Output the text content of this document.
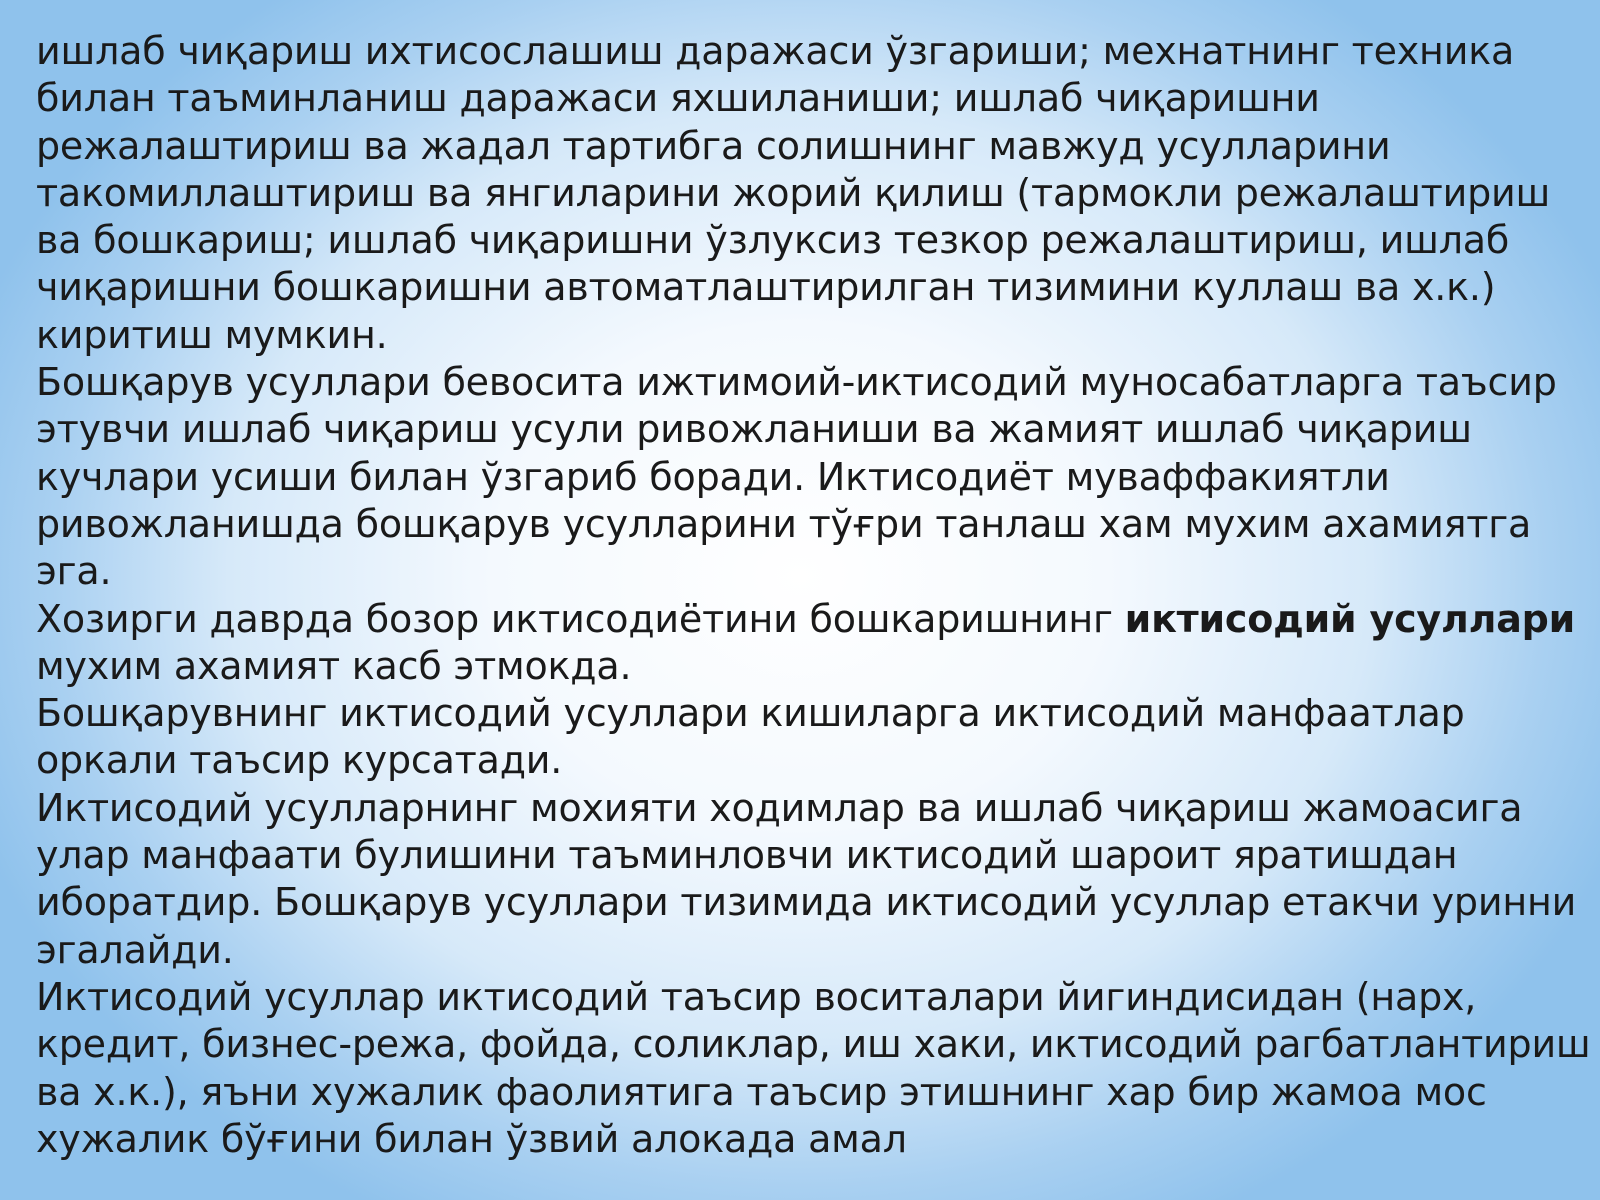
ишлаб чиқариш ихтисослашиш даражаси ўзгариши; мехнатнинг техника
билан таъминланиш даражаси яхшиланиши; ишлаб чиқаришни
режалаштириш ва жадал тартибга солишнинг мавжуд усулларини
такомиллаштириш ва янгиларини жорий қилиш (тармокли режалаштириш
ва бошкариш; ишлаб чиқаришни ўзлуксиз тезкор режалаштириш, ишлаб
чиқаришни бошкаришни автоматлаштирилган тизимини куллаш ва х.к.)
киритиш мумкин.
Бошқарув усуллари бевосита ижтимоий-иктисодий муносабатларга таъсир
этувчи ишлаб чиқариш усули ривожланиши ва жамият ишлаб чиқариш
кучлари усиши билан ўзгариб боради. Иктисодиёт муваффакиятли
ривожланишда бошқарув усулларини тўғри танлаш хам мухим ахамиятга
эга.
Хозирги даврда бозор иктисодиётини бошкаришнинг иктисодий усуллари
мухим ахамият касб этмокда.
Бошқарувнинг иктисодий усуллари кишиларга иктисодий манфаатлар
оркали таъсир курсатади.
Иктисодий усулларнинг мохияти ходимлар ва ишлаб чиқариш жамоасига
улар манфаати булишини таъминловчи иктисодий шароит яратишдан
иборатдир. Бошқарув усуллари тизимида иктисодий усуллар етакчи уринни
эгалайди.
Иктисодий усуллар иктисодий таъсир воситалари йигиндисидан (нарх,
кредит, бизнес-режа, фойда, соликлар, иш хаки, иктисодий рагбатлантириш
ва х.к.), яъни хужалик фаолиятига таъсир этишнинг хар бир жамоа мос
хужалик бўғини билан ўзвий алокада амал
